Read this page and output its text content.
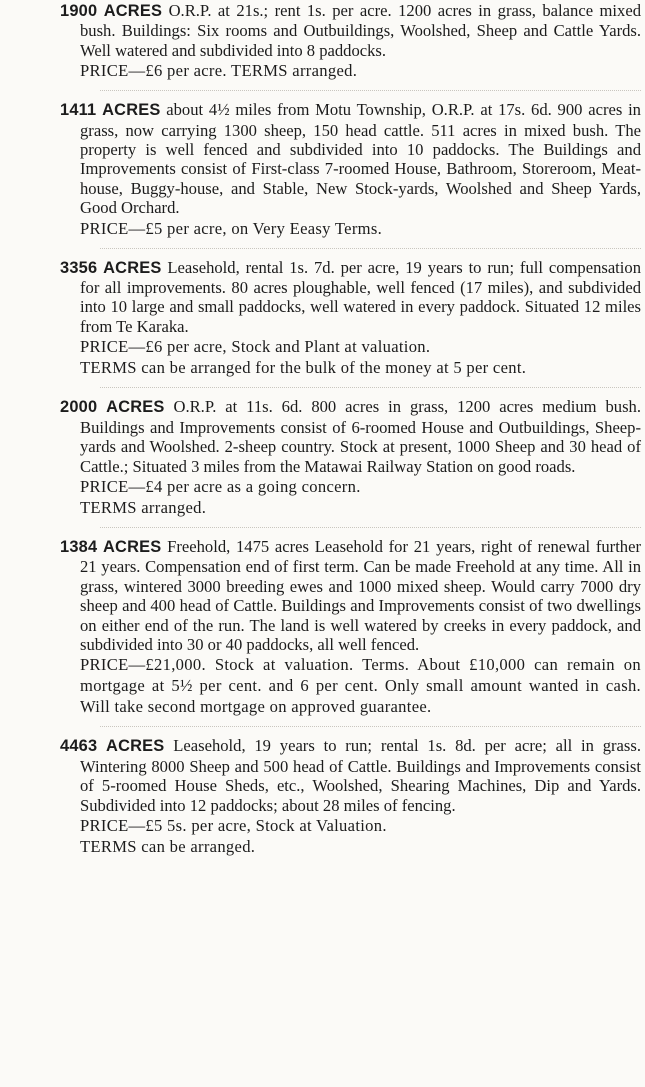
1900 ACRES O.R.P. at 21s.; rent 1s. per acre. 1200 acres in grass, balance mixed bush. Buildings: Six rooms and Outbuildings, Woolshed, Sheep and Cattle Yards. Well watered and subdivided into 8 paddocks.

PRICE—£6 per acre. TERMS arranged.

1411 ACRES about 4½ miles from Motu Township, O.R.P. at 17s. 6d. 900 acres in grass, now carrying 1300 sheep, 150 head cattle. 511 acres in mixed bush. The property is well fenced and subdivided into 10 paddocks. The Buildings and Improvements consist of First-class 7-roomed House, Bathroom, Storeroom, Meat-house, Buggy-house, and Stable, New Stock-yards, Woolshed and Sheep Yards, Good Orchard.

PRICE—£5 per acre, on Very Eeasy Terms.

3356 ACRES Leasehold, rental 1s. 7d. per acre, 19 years to run; full compensation for all improvements. 80 acres ploughable, well fenced (17 miles), and subdivided into 10 large and small paddocks, well watered in every paddock. Situated 12 miles from Te Karaka.

PRICE—£6 per acre, Stock and Plant at valuation.

TERMS can be arranged for the bulk of the money at 5 per cent.

2000 ACRES O.R.P. at 11s. 6d. 800 acres in grass, 1200 acres medium bush. Buildings and Improvements consist of 6-roomed House and Outbuildings, Sheep-yards and Woolshed. 2-sheep country. Stock at present, 1000 Sheep and 30 head of Cattle.; Situated 3 miles from the Matawai Railway Station on good roads.

PRICE—£4 per acre as a going concern.

TERMS arranged.

1384 ACRES Freehold, 1475 acres Leasehold for 21 years, right of renewal further 21 years. Compensation end of first term. Can be made Freehold at any time. All in grass, wintered 3000 breeding ewes and 1000 mixed sheep. Would carry 7000 dry sheep and 400 head of Cattle. Buildings and Improvements consist of two dwellings on either end of the run. The land is well watered by creeks in every paddock, and subdivided into 30 or 40 paddocks, all well fenced.

PRICE—£21,000. Stock at valuation. Terms. About £10,000 can remain on mortgage at 5½ per cent. and 6 per cent. Only small amount wanted in cash. Will take second mortgage on approved guarantee.

4463 ACRES Leasehold, 19 years to run; rental 1s. 8d. per acre; all in grass. Wintering 8000 Sheep and 500 head of Cattle. Buildings and Improvements consist of 5-roomed House Sheds, etc., Woolshed, Shearing Machines, Dip and Yards. Subdivided into 12 paddocks; about 28 miles of fencing.

PRICE—£5 5s. per acre, Stock at Valuation.

TERMS can be arranged.
